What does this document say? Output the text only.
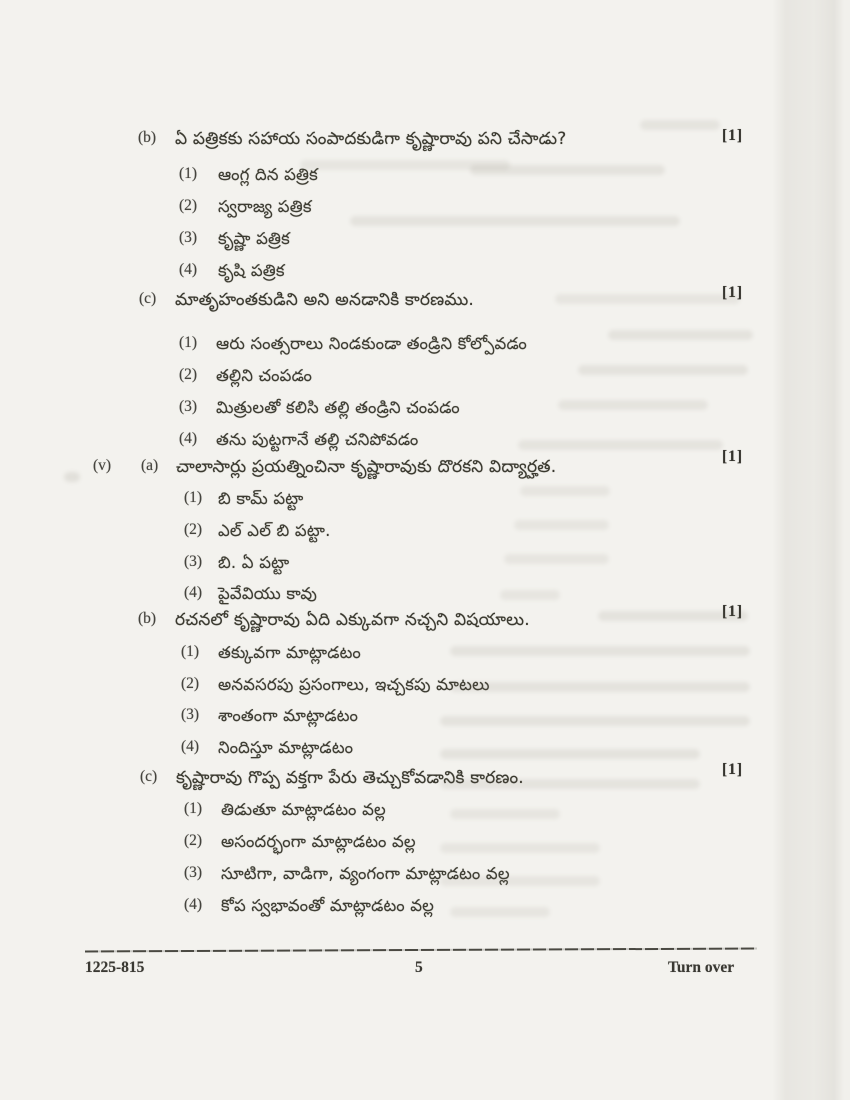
(b) ఏ పత్రికకు సహాయ సంపాదకుడిగా కృష్ణారావు పని చేసాడు?	[1]
(1) ఆంగ్ల దిన పత్రిక
(2) స్వరాజ్య పత్రిక
(3) కృష్ణా పత్రిక
(4) కృషి పత్రిక
(c) మాతృహంతకుడిని అని అనడానికి కారణము.	[1]
(1) ఆరు సంత్సరాలు నిండకుండా తండ్రిని కోల్పోవడం
(2) తల్లిని చంపడం
(3) మిత్రులతో కలిసి తల్లి తండ్రిని చంపడం
(4) తను పుట్టగానే తల్లి చనిపోవడం
(v) (a) చాలాసార్లు ప్రయత్నించినా కృష్ణారావుకు దొరకని విద్యార్హత.
[1]
(1) బి కామ్ పట్టా
(2) ఎల్ ఎల్ బి పట్టా.
(3) బి. ఏ పట్టా
(4) పైవేవియు కావు
(b) రచనలో కృష్ణారావు ఏది ఎక్కువగా నచ్చని విషయాలు.	[1]
(1) తక్కువగా మాట్లాడటం
(2) అనవసరపు ప్రసంగాలు, ఇచ్చకపు మాటలు
(3) శాంతంగా మాట్లాడటం
(4) నిందిస్తూ మాట్లాడటం
(c) కృష్ణారావు గొప్ప వక్తగా పేరు తెచ్చుకోవడానికి కారణం.	[1]
(1) తిడుతూ మాట్లాడటం వల్ల
(2) అసందర్భంగా మాట్లాడటం వల్ల
(3) సూటిగా, వాడిగా, వ్యంగంగా మాట్లాడటం వల్ల
(4) కోప స్వభావంతో మాట్లాడటం వల్ల
1225-815	5	Turn over
